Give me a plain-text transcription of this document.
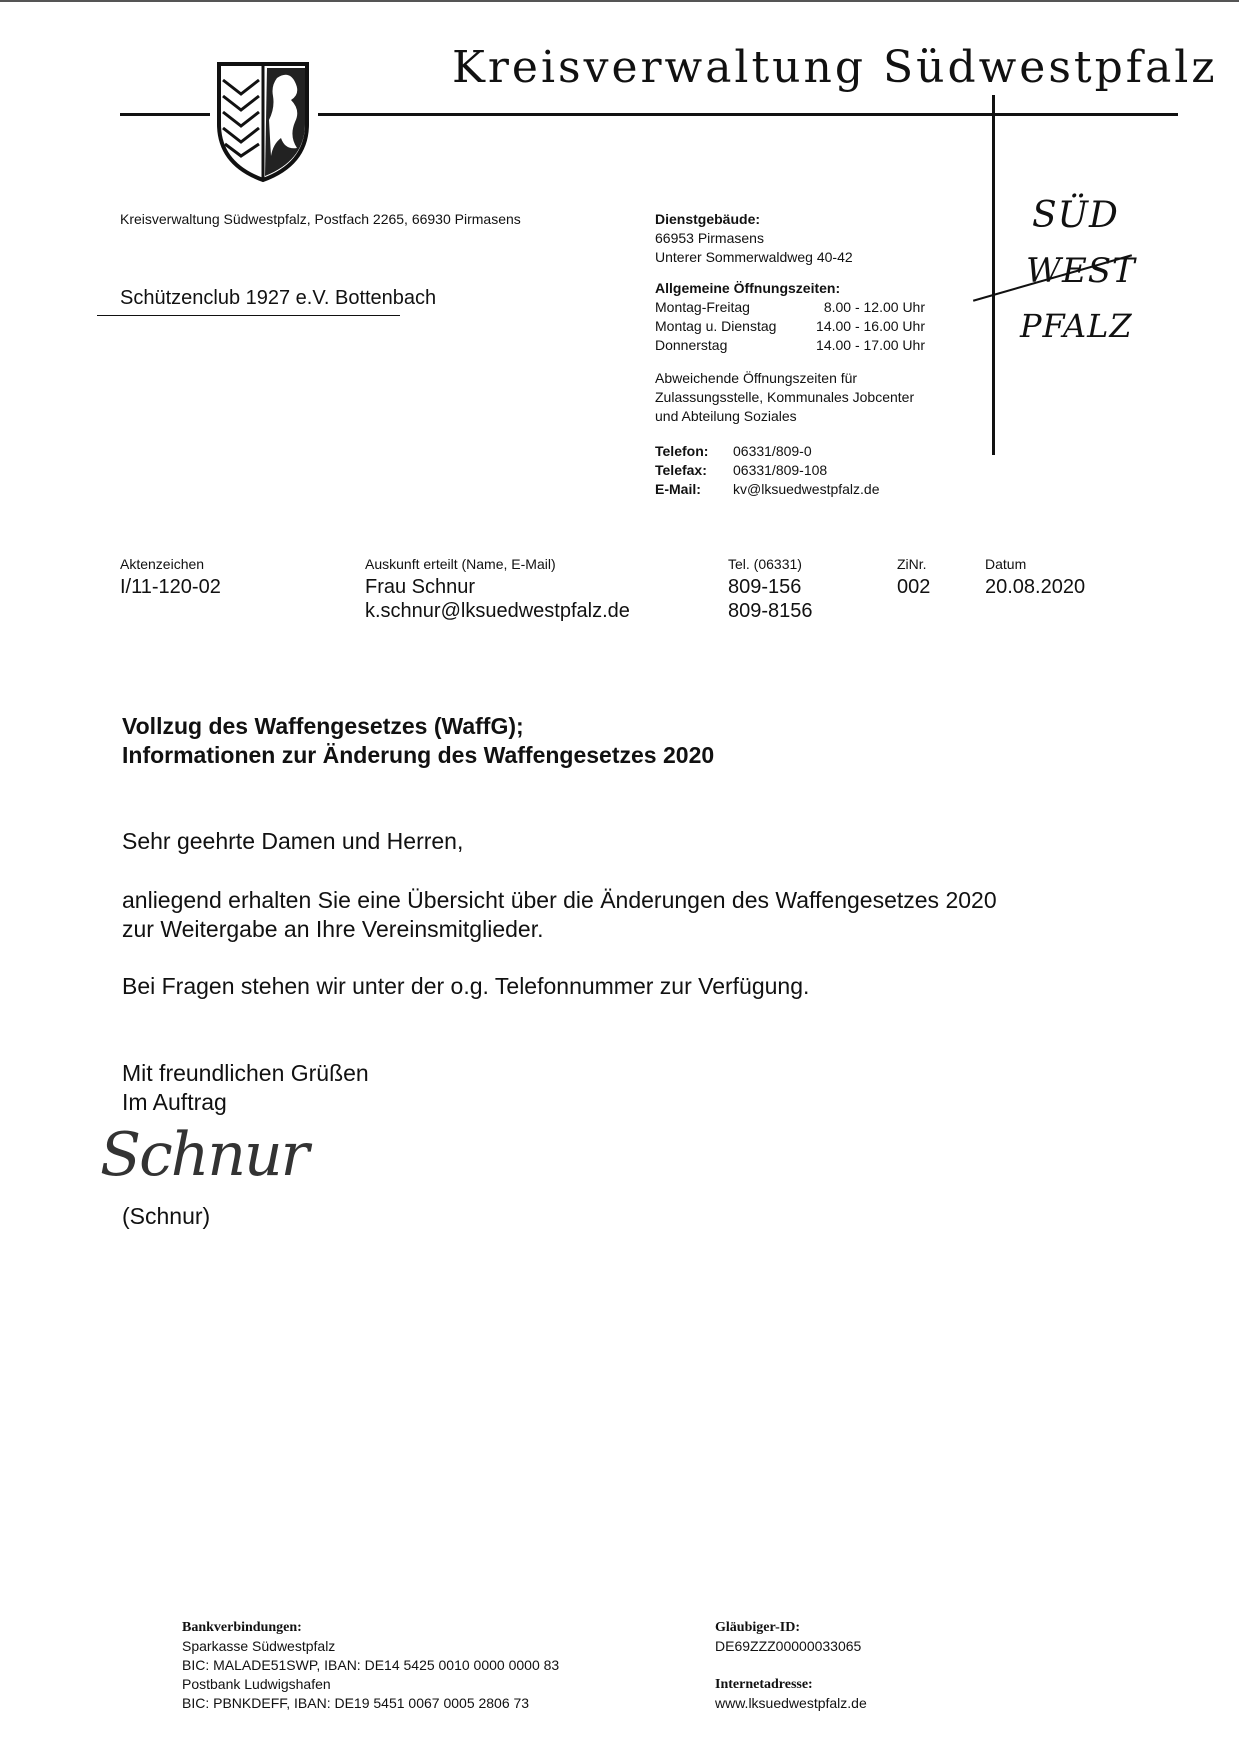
Kreisverwaltung Südwestpfalz
SÜD
WEST
PFALZ
Kreisverwaltung Südwestpfalz, Postfach 2265, 66930 Pirmasens
Schützenclub 1927 e.V. Bottenbach
Dienstgebäude:
66953 Pirmasens
Unterer Sommerwaldweg 40-42
Allgemeine Öffnungszeiten:
Montag-Freitag	8.00 - 12.00 Uhr
Montag u. Dienstag	14.00 - 16.00 Uhr
Donnerstag	14.00 - 17.00 Uhr
Abweichende Öffnungszeiten für
Zulassungsstelle, Kommunales Jobcenter
und Abteilung Soziales
Telefon:	06331/809-0
Telefax:	06331/809-108
E-Mail:	kv@lksuedwestpfalz.de
Aktenzeichen
I/11-120-02
Auskunft erteilt (Name, E-Mail)
Frau Schnur
k.schnur@lksuedwestpfalz.de
Tel. (06331)
809-156
809-8156
ZiNr.
002
Datum
20.08.2020
Vollzug des Waffengesetzes (WaffG);
Informationen zur Änderung des Waffengesetzes 2020
Sehr geehrte Damen und Herren,
anliegend erhalten Sie eine Übersicht über die Änderungen des Waffengesetzes 2020
zur Weitergabe an Ihre Vereinsmitglieder.
Bei Fragen stehen wir unter der o.g. Telefonnummer zur Verfügung.
Mit freundlichen Grüßen
Im Auftrag
Schnur
(Schnur)
Bankverbindungen:
Sparkasse Südwestpfalz
BIC: MALADE51SWP, IBAN: DE14 5425 0010 0000 0000 83
Postbank Ludwigshafen
BIC: PBNKDEFF, IBAN: DE19 5451 0067 0005 2806 73
Gläubiger-ID:
DE69ZZZ00000033065
Internetadresse:
www.lksuedwestpfalz.de
